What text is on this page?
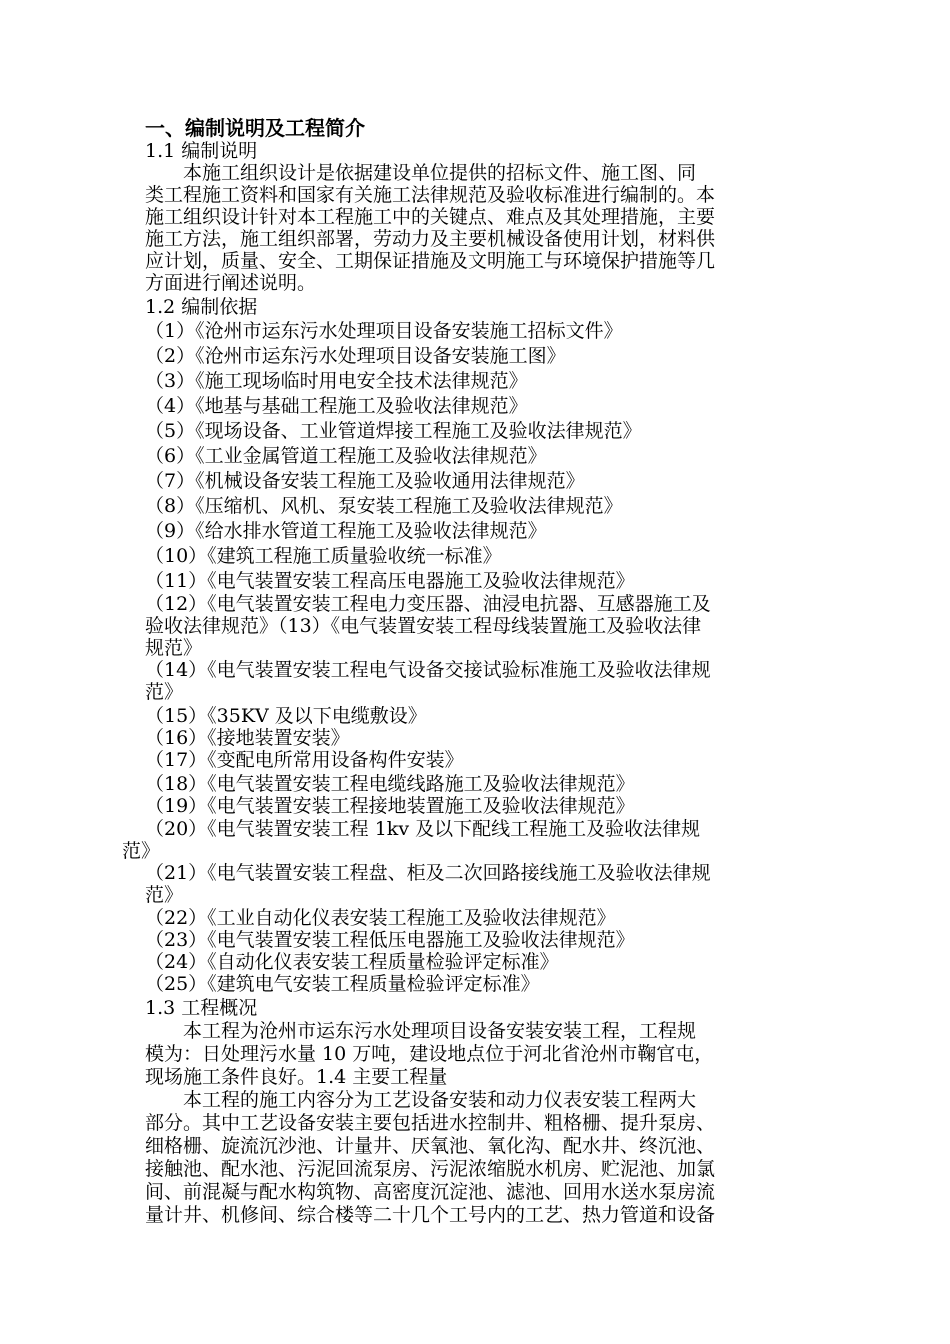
一、编制说明及工程简介
1.1 编制说明
本施工组织设计是依据建设单位提供的招标文件、施工图、同
类工程施工资料和国家有关施工法律规范及验收标准进行编制的。本
施工组织设计针对本工程施工中的关键点、难点及其处理措施，主要
施工方法，施工组织部署，劳动力及主要机械设备使用计划，材料供
应计划，质量、安全、工期保证措施及文明施工与环境保护措施等几
方面进行阐述说明。
1.2 编制依据
（1）《沧州市运东污水处理项目设备安装施工招标文件》
（2）《沧州市运东污水处理项目设备安装施工图》
（3）《施工现场临时用电安全技术法律规范》
（4）《地基与基础工程施工及验收法律规范》
（5）《现场设备、工业管道焊接工程施工及验收法律规范》
（6）《工业金属管道工程施工及验收法律规范》
（7）《机械设备安装工程施工及验收通用法律规范》
（8）《压缩机、风机、泵安装工程施工及验收法律规范》
（9）《给水排水管道工程施工及验收法律规范》
（10）《建筑工程施工质量验收统一标准》
（11）《电气装置安装工程高压电器施工及验收法律规范》
（12）《电气装置安装工程电力变压器、油浸电抗器、互感器施工及
验收法律规范》（13）《电气装置安装工程母线装置施工及验收法律
规范》
（14）《电气装置安装工程电气设备交接试验标准施工及验收法律规
范》
（15）《35KV 及以下电缆敷设》
（16）《接地装置安装》
（17）《变配电所常用设备构件安装》
（18）《电气装置安装工程电缆线路施工及验收法律规范》
（19）《电气装置安装工程接地装置施工及验收法律规范》
（20）《电气装置安装工程 1kv 及以下配线工程施工及验收法律规
范》
（21）《电气装置安装工程盘、柜及二次回路接线施工及验收法律规
范》
（22）《工业自动化仪表安装工程施工及验收法律规范》
（23）《电气装置安装工程低压电器施工及验收法律规范》
（24）《自动化仪表安装工程质量检验评定标准》
（25）《建筑电气安装工程质量检验评定标准》
1.3 工程概况
本工程为沧州市运东污水处理项目设备安装安装工程，工程规
模为：日处理污水量 10 万吨，建设地点位于河北省沧州市鞠官屯，
现场施工条件良好。1.4 主要工程量
本工程的施工内容分为工艺设备安装和动力仪表安装工程两大
部分。其中工艺设备安装主要包括进水控制井、粗格栅、提升泵房、
细格栅、旋流沉沙池、计量井、厌氧池、氧化沟、配水井、终沉池、
接触池、配水池、污泥回流泵房、污泥浓缩脱水机房、贮泥池、加氯
间、前混凝与配水构筑物、高密度沉淀池、滤池、回用水送水泵房流
量计井、机修间、综合楼等二十几个工号内的工艺、热力管道和设备
